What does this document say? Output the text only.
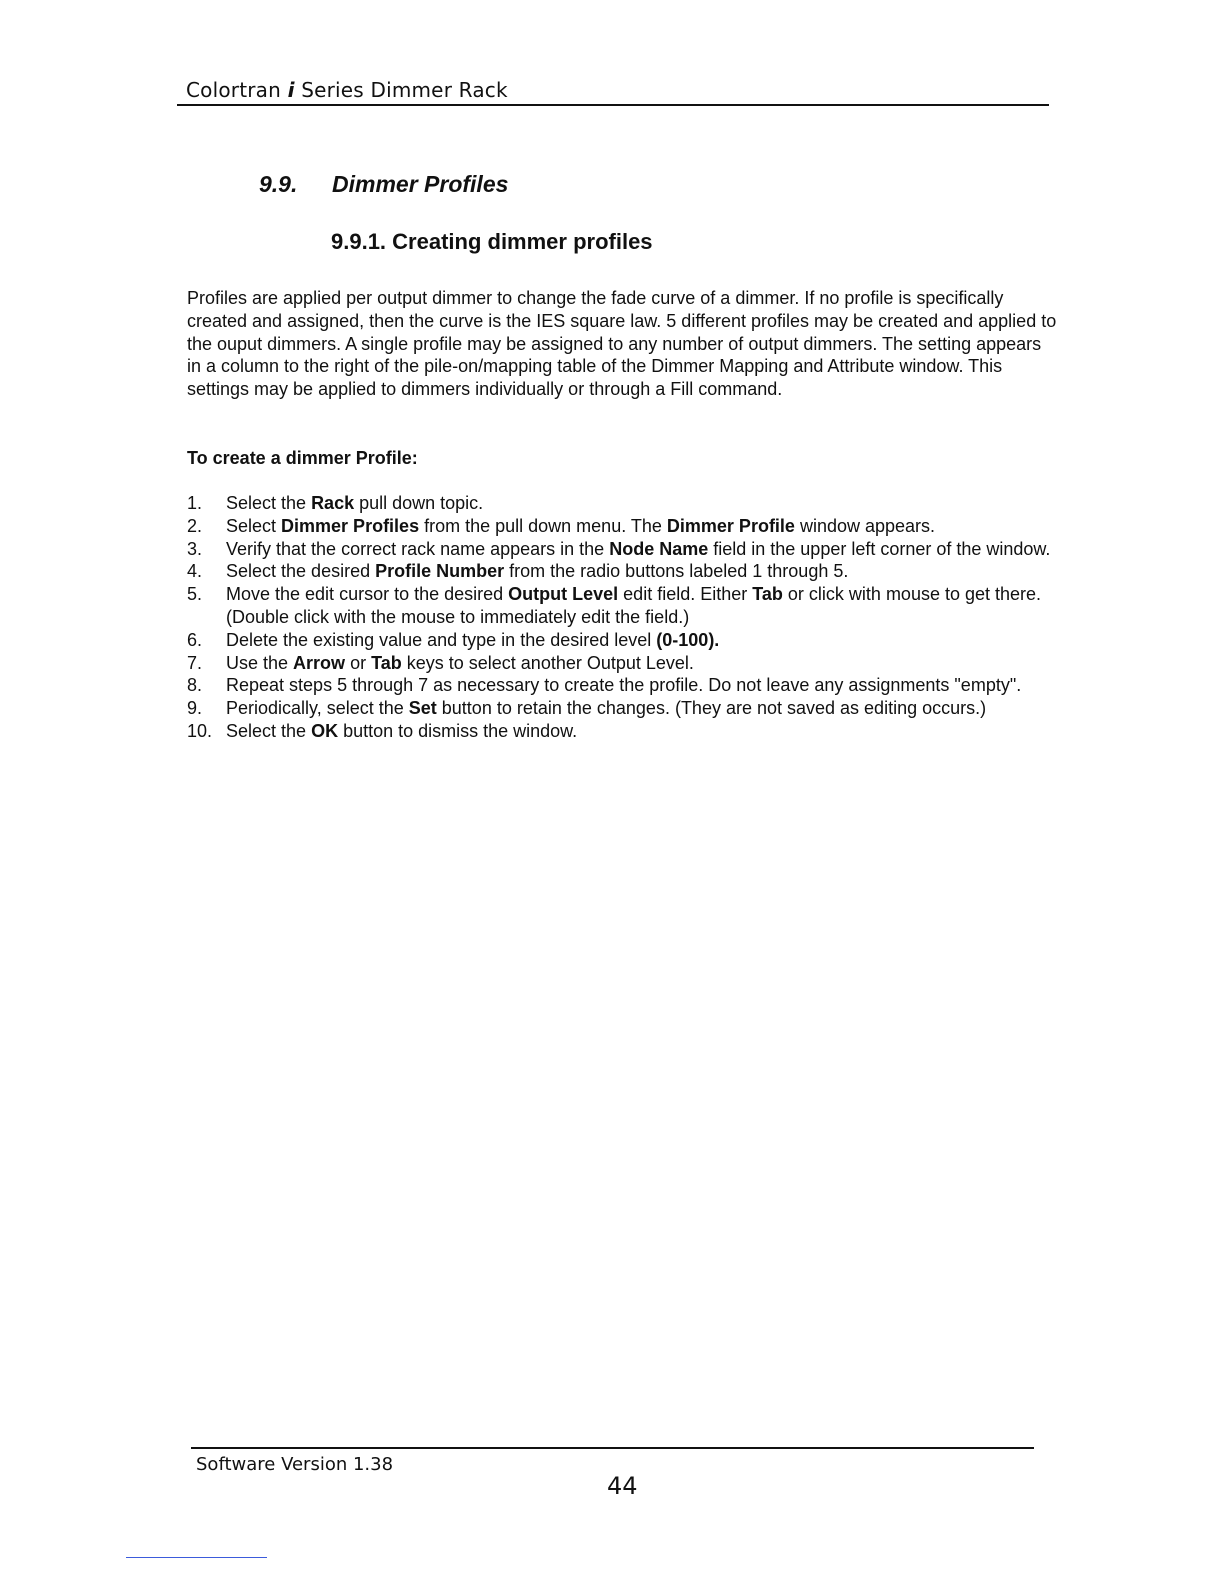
Colortran i Series Dimmer Rack
9.9. Dimmer Profiles
9.9.1. Creating dimmer profiles

Profiles are applied per output dimmer to change the fade curve of a dimmer. If no profile is specifically created and assigned, then the curve is the IES square law. 5 different profiles may be created and applied to the ouput dimmers. A single profile may be assigned to any number of output dimmers. The setting appears in a column to the right of the pile-on/mapping table of the Dimmer Mapping and Attribute window. This settings may be applied to dimmers individually or through a Fill command.

To create a dimmer Profile:
1. Select the Rack pull down topic.
2. Select Dimmer Profiles from the pull down menu. The Dimmer Profile window appears.
3. Verify that the correct rack name appears in the Node Name field in the upper left corner of the window.
4. Select the desired Profile Number from the radio buttons labeled 1 through 5.
5. Move the edit cursor to the desired Output Level edit field. Either Tab or click with mouse to get there. (Double click with the mouse to immediately edit the field.)
6. Delete the existing value and type in the desired level (0-100).
7. Use the Arrow or Tab keys to select another Output Level.
8. Repeat steps 5 through 7 as necessary to create the profile. Do not leave any assignments "empty".
9. Periodically, select the Set button to retain the changes. (They are not saved as editing occurs.)
10. Select the OK button to dismiss the window.
Software Version 1.38
44
